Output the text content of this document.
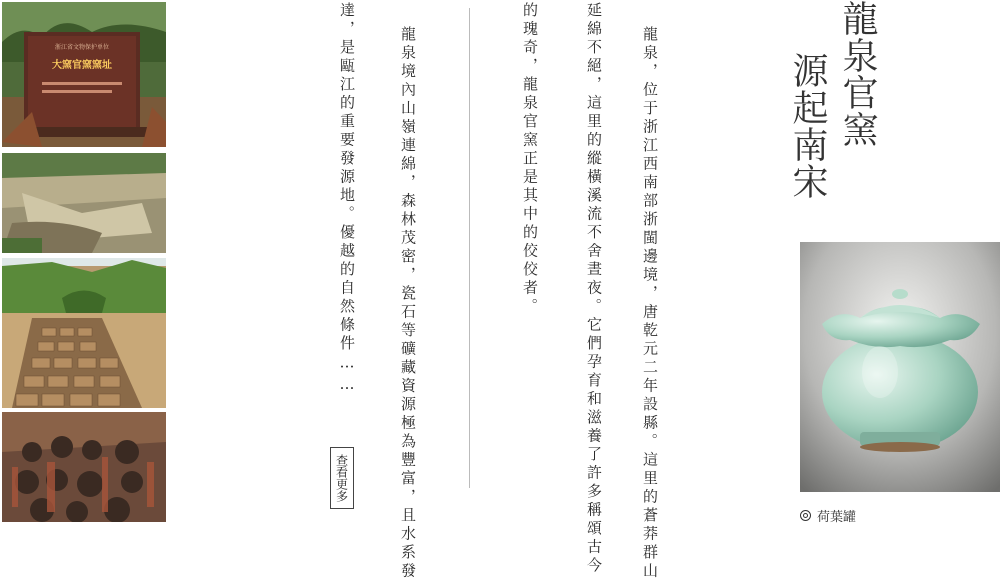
浙江省文物保护单位
大窯官窯窯址	龍泉官窯
源起南宋
龍泉，位于浙江西南部浙閩邊境，唐乾元二年設縣。這里的蒼莽群山
延綿不絕，這里的縱橫溪流不舍晝夜。它們孕育和滋養了許多稱頌古今
的瑰奇，龍泉官窯正是其中的佼佼者。
龍泉境內山嶺連綿，森林茂密，瓷石等礦藏資源極為豐富，且水系發
達，是甌江的重要發源地。優越的自然條件……
查看更多
荷葉罐
